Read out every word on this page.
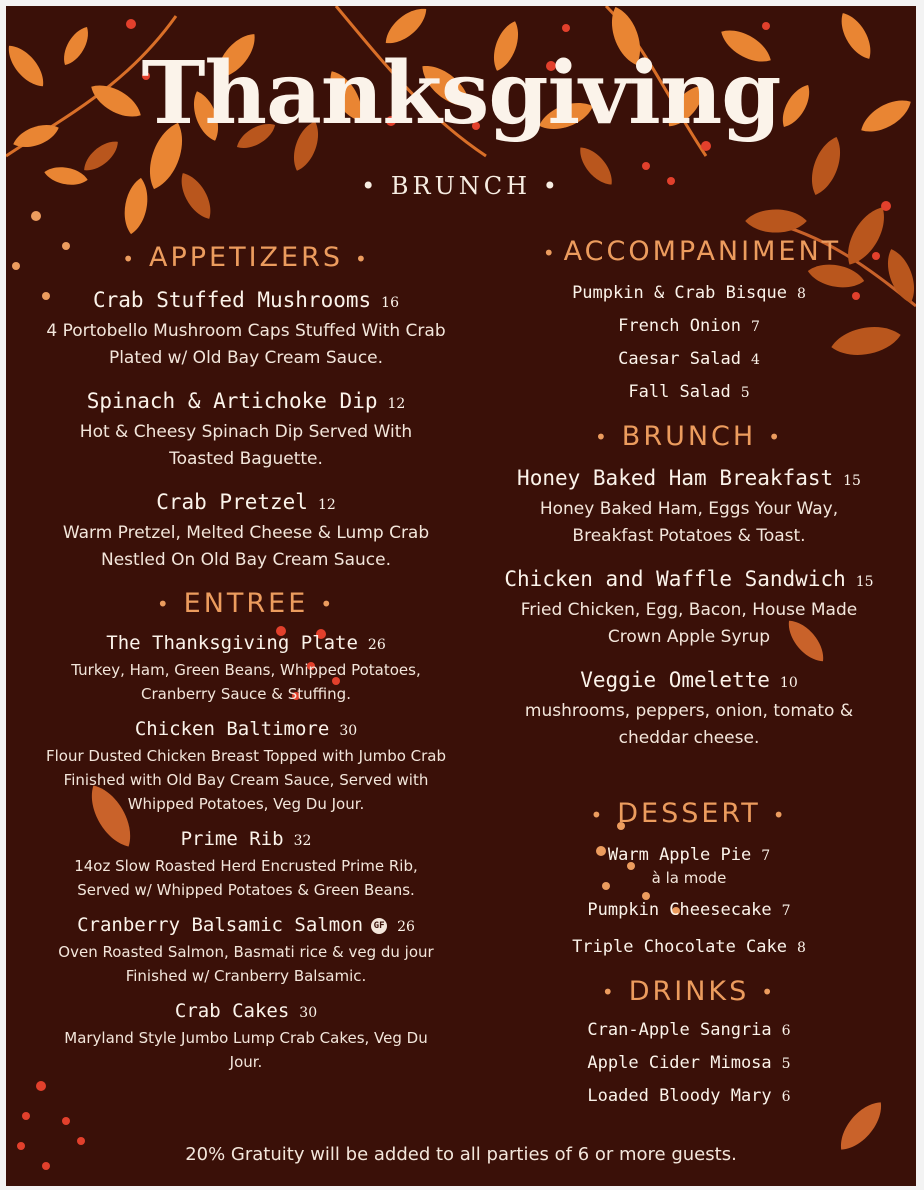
Thanksgiving
• BRUNCH •
• APPETIZERS •
Crab Stuffed Mushrooms 16
4 Portobello Mushroom Caps Stuffed With Crab Plated w/ Old Bay Cream Sauce.
Spinach & Artichoke Dip 12
Hot & Cheesy Spinach Dip Served With Toasted Baguette.
Crab Pretzel 12
Warm Pretzel, Melted Cheese & Lump Crab Nestled On Old Bay Cream Sauce.
• ENTREE •
The Thanksgiving Plate 26
Turkey, Ham, Green Beans, Whipped Potatoes, Cranberry Sauce & Stuffing.
Chicken Baltimore 30
Flour Dusted Chicken Breast Topped with Jumbo Crab Finished with Old Bay Cream Sauce, Served with Whipped Potatoes, Veg Du Jour.
Prime Rib 32
14oz Slow Roasted Herd Encrusted Prime Rib, Served w/ Whipped Potatoes & Green Beans.
Cranberry Balsamic Salmon GF 26
Oven Roasted Salmon, Basmati rice & veg du jour Finished w/ Cranberry Balsamic.
Crab Cakes 30
Maryland Style Jumbo Lump Crab Cakes, Veg Du Jour.
• ACCOMPANIMENT
Pumpkin & Crab Bisque 8
French Onion 7
Caesar Salad 4
Fall Salad 5
• BRUNCH •
Honey Baked Ham Breakfast 15
Honey Baked Ham, Eggs Your Way, Breakfast Potatoes & Toast.
Chicken and Waffle Sandwich 15
Fried Chicken, Egg, Bacon, House Made Crown Apple Syrup
Veggie Omelette 10
mushrooms, peppers, onion, tomato & cheddar cheese.
• DESSERT •
Warm Apple Pie 7
à la mode
Pumpkin Cheesecake 7
Triple Chocolate Cake 8
• DRINKS •
Cran-Apple Sangria 6
Apple Cider Mimosa 5
Loaded Bloody Mary 6
20% Gratuity will be added to all parties of 6 or more guests.
